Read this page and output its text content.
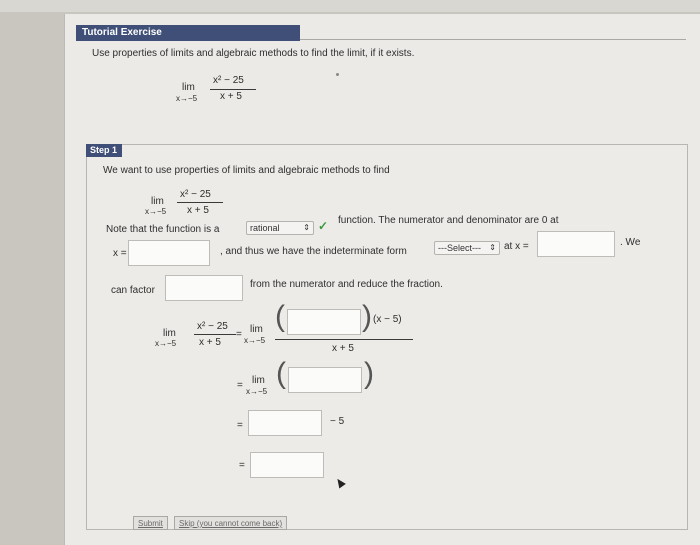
Tutorial Exercise
Use properties of limits and algebraic methods to find the limit, if it exists.
lim
x→−5
x² − 25
x + 5
Step 1
We want to use properties of limits and algebraic methods to find
lim
x→−5
x² − 25
x + 5
Note that the function is a	rational	⇕ ✓ function. The numerator and denominator are 0 at
x =	, and thus we have the indeterminate form	---Select--- ⇕ at x =	. We
can factor
from the numerator and reduce the fraction.
lim
x→−5
x² − 25
x + 5
= lim
x→−5
(	) (x − 5)
x + 5
= lim
x→−5
(	)
=	− 5
=
Submit	Skip (you cannot come back)
